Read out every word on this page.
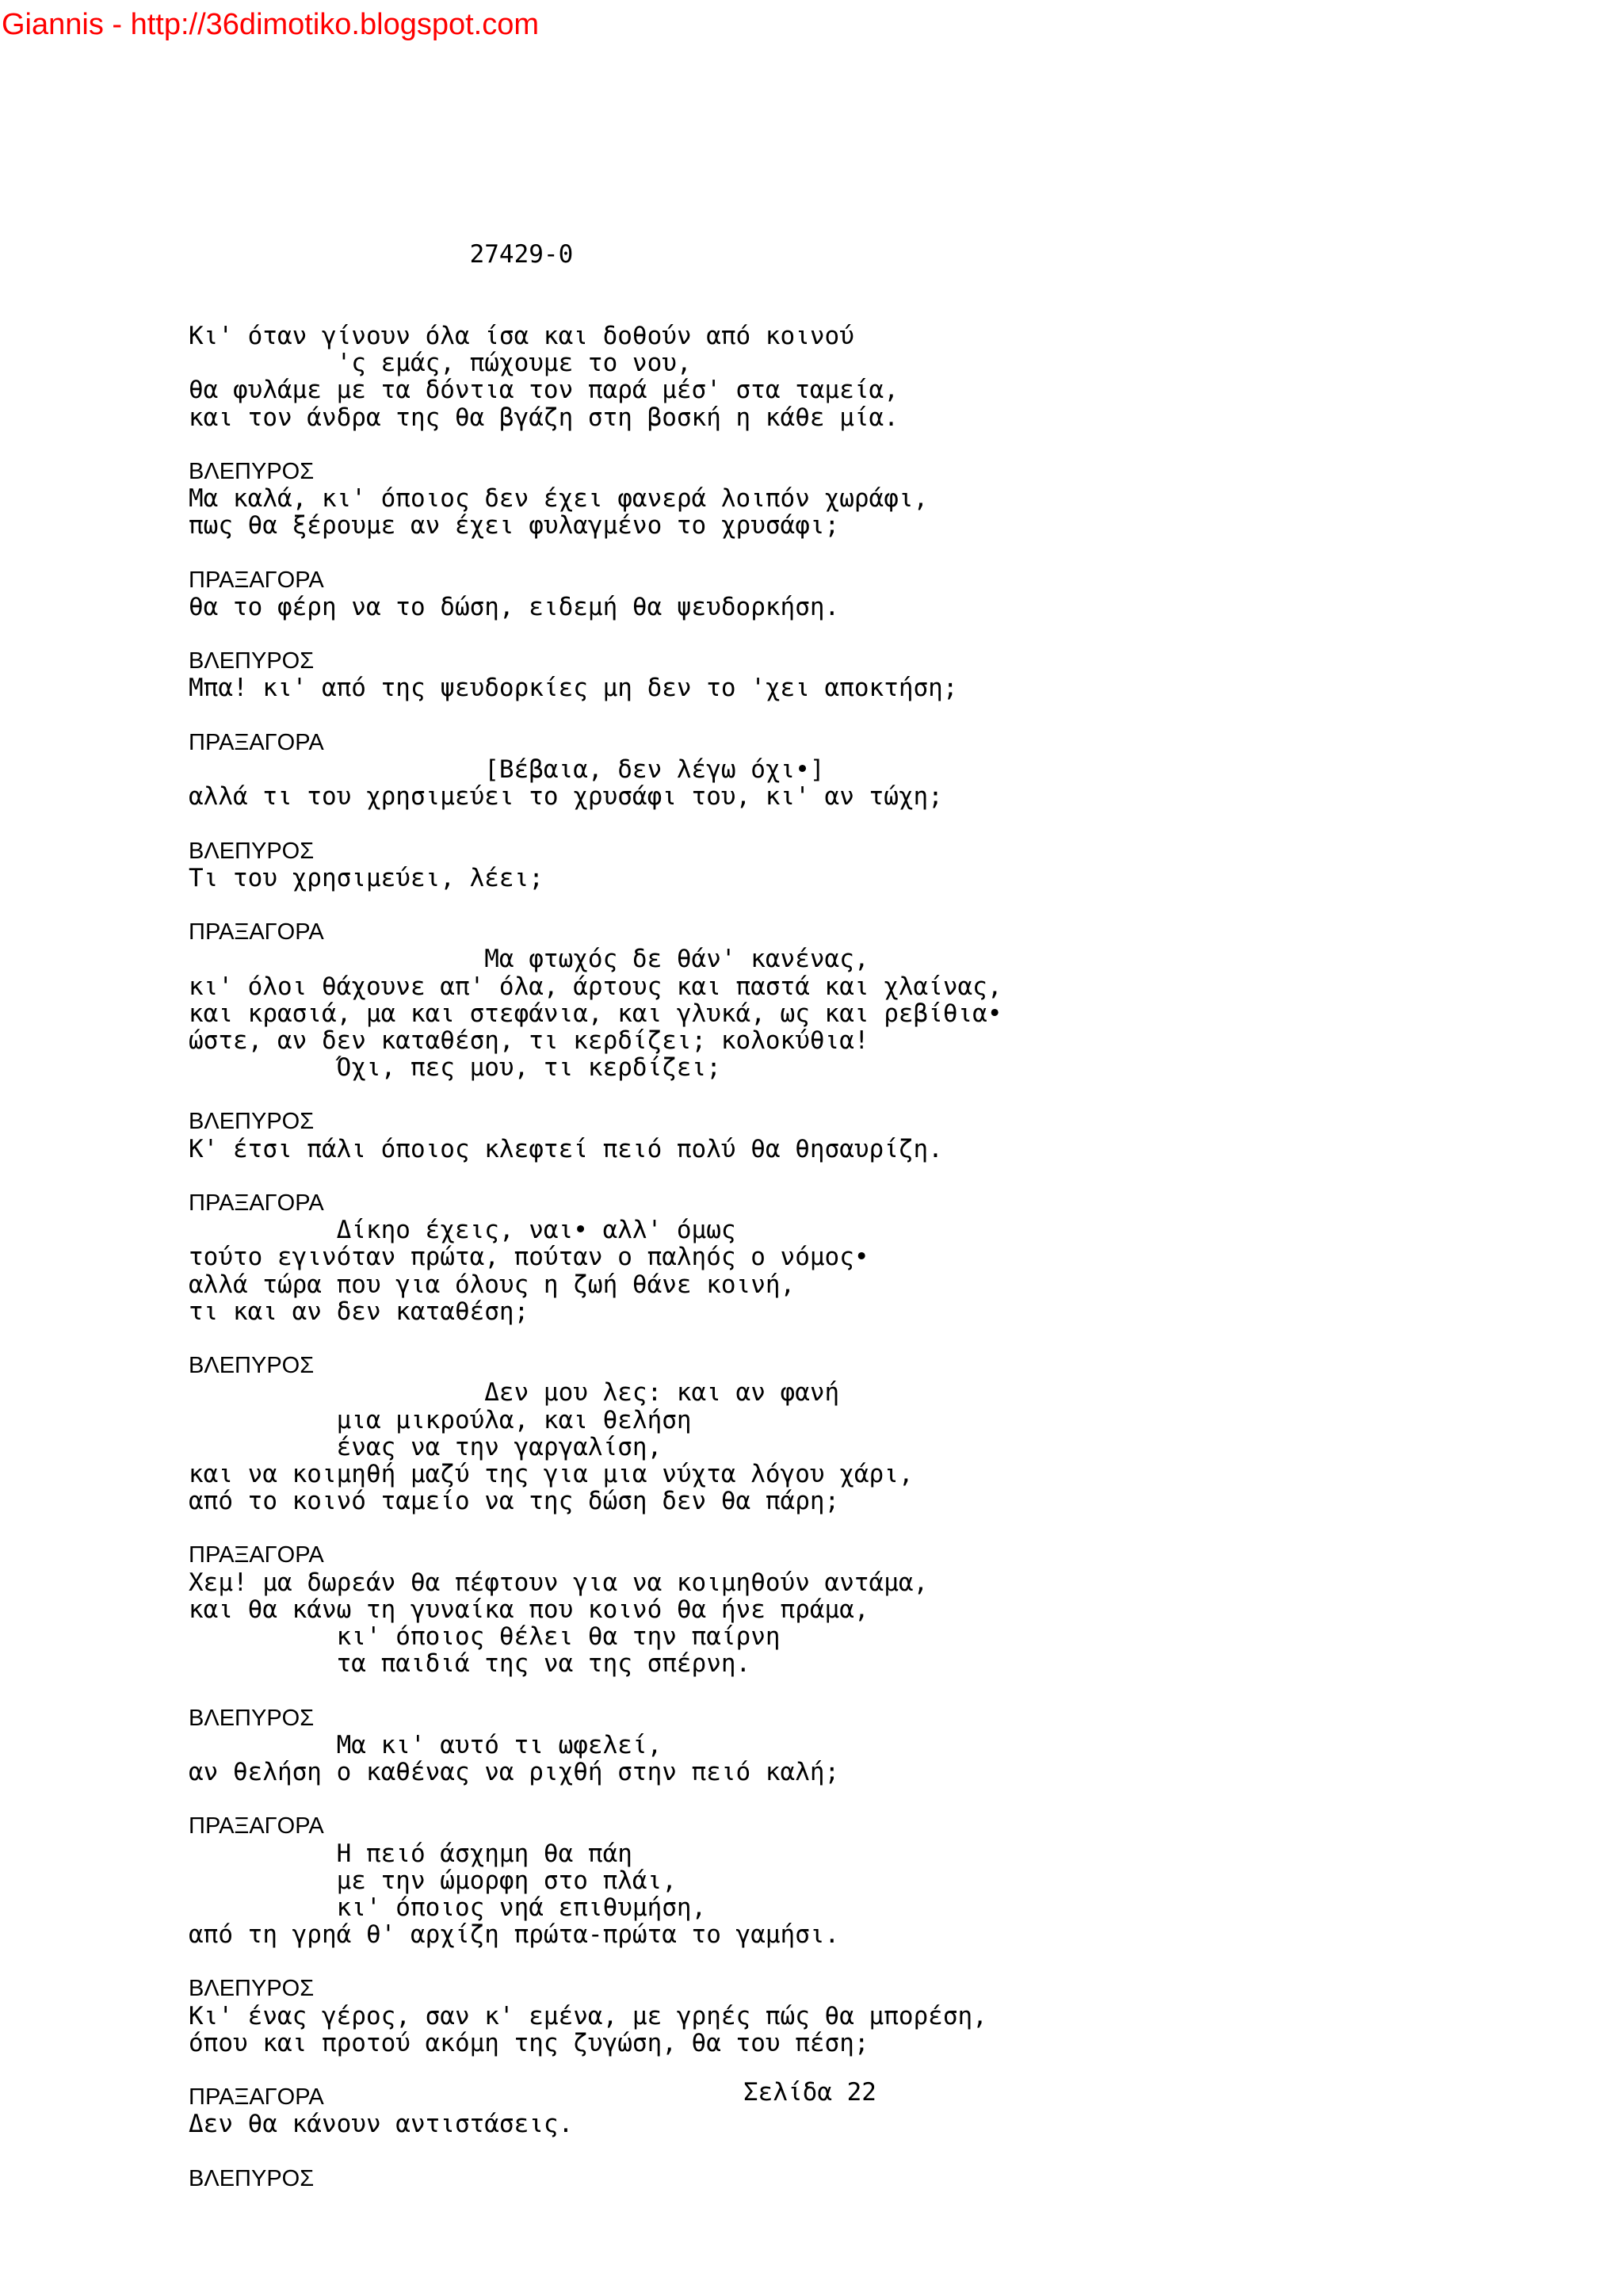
Giannis - http://36dimotiko.blogspot.com

27429-0

Κι' όταν γίνουν όλα ίσα και δοθούν από κοινού
'ς εμάς, πώχουμε το νου,
θα φυλάμε με τα δόντια τον παρά μέσ' στα ταμεία,
και τον άνδρα της θα βγάζη στη βοσκή η κάθε μία.
ΒΛΕΠΥΡΟΣ
Μα καλά, κι' όποιος δεν έχει φανερά λοιπόν χωράφι,
πως θα ξέρουμε αν έχει φυλαγμένο το χρυσάφι;
ΠΡΑΞΑΓΟΡΑ
θα το φέρη να το δώση, ειδεμή θα ψευδορκήση.
ΒΛΕΠΥΡΟΣ
Μπα! κι' από της ψευδορκίες μη δεν το 'χει αποκτήση;
ΠΡΑΞΑΓΟΡΑ
[Βέβαια, δεν λέγω όχι•]
αλλά τι του χρησιμεύει το χρυσάφι του, κι' αν τώχη;
ΒΛΕΠΥΡΟΣ
Τι του χρησιμεύει, λέει;
ΠΡΑΞΑΓΟΡΑ
Μα φτωχός δε θάν' κανένας,
κι' όλοι θάχουνε απ' όλα, άρτους και παστά και χλαίνας,
και κρασιά, μα και στεφάνια, και γλυκά, ως και ρεβίθια•
ώστε, αν δεν καταθέση, τι κερδίζει; κολοκύθια!
Όχι, πες μου, τι κερδίζει;
ΒΛΕΠΥΡΟΣ
Κ' έτσι πάλι όποιος κλεφτεί πειό πολύ θα θησαυρίζη.
ΠΡΑΞΑΓΟΡΑ
Δίκηο έχεις, ναι• αλλ' όμως
τούτο εγινόταν πρώτα, πούταν ο παληός ο νόμος•
αλλά τώρα που για όλους η ζωή θάνε κοινή,
τι και αν δεν καταθέση;
ΒΛΕΠΥΡΟΣ
Δεν μου λες: και αν φανή
μια μικρούλα, και θελήση
ένας να την γαργαλίση,
και να κοιμηθή μαζύ της για μια νύχτα λόγου χάρι,
από το κοινό ταμείο να της δώση δεν θα πάρη;
ΠΡΑΞΑΓΟΡΑ
Χεμ! μα δωρεάν θα πέφτουν για να κοιμηθούν αντάμα,
και θα κάνω τη γυναίκα που κοινό θα ήνε πράμα,
κι' όποιος θέλει θα την παίρνη
τα παιδιά της να της σπέρνη.
ΒΛΕΠΥΡΟΣ
Μα κι' αυτό τι ωφελεί,
αν θελήση ο καθένας να ριχθή στην πειό καλή;
ΠΡΑΞΑΓΟΡΑ
Η πειό άσχημη θα πάη
με την ώμορφη στο πλάι,
κι' όποιος νηά επιθυμήση,
από τη γρηά θ' αρχίζη πρώτα-πρώτα το γαμήσι.
ΒΛΕΠΥΡΟΣ
Κι' ένας γέρος, σαν κ' εμένα, με γρηές πώς θα μπορέση,
όπου και προτού ακόμη της ζυγώση, θα του πέση;
ΠΡΑΞΑΓΟΡΑ
Δεν θα κάνουν αντιστάσεις.
ΒΛΕΠΥΡΟΣ

Σελίδα 22
